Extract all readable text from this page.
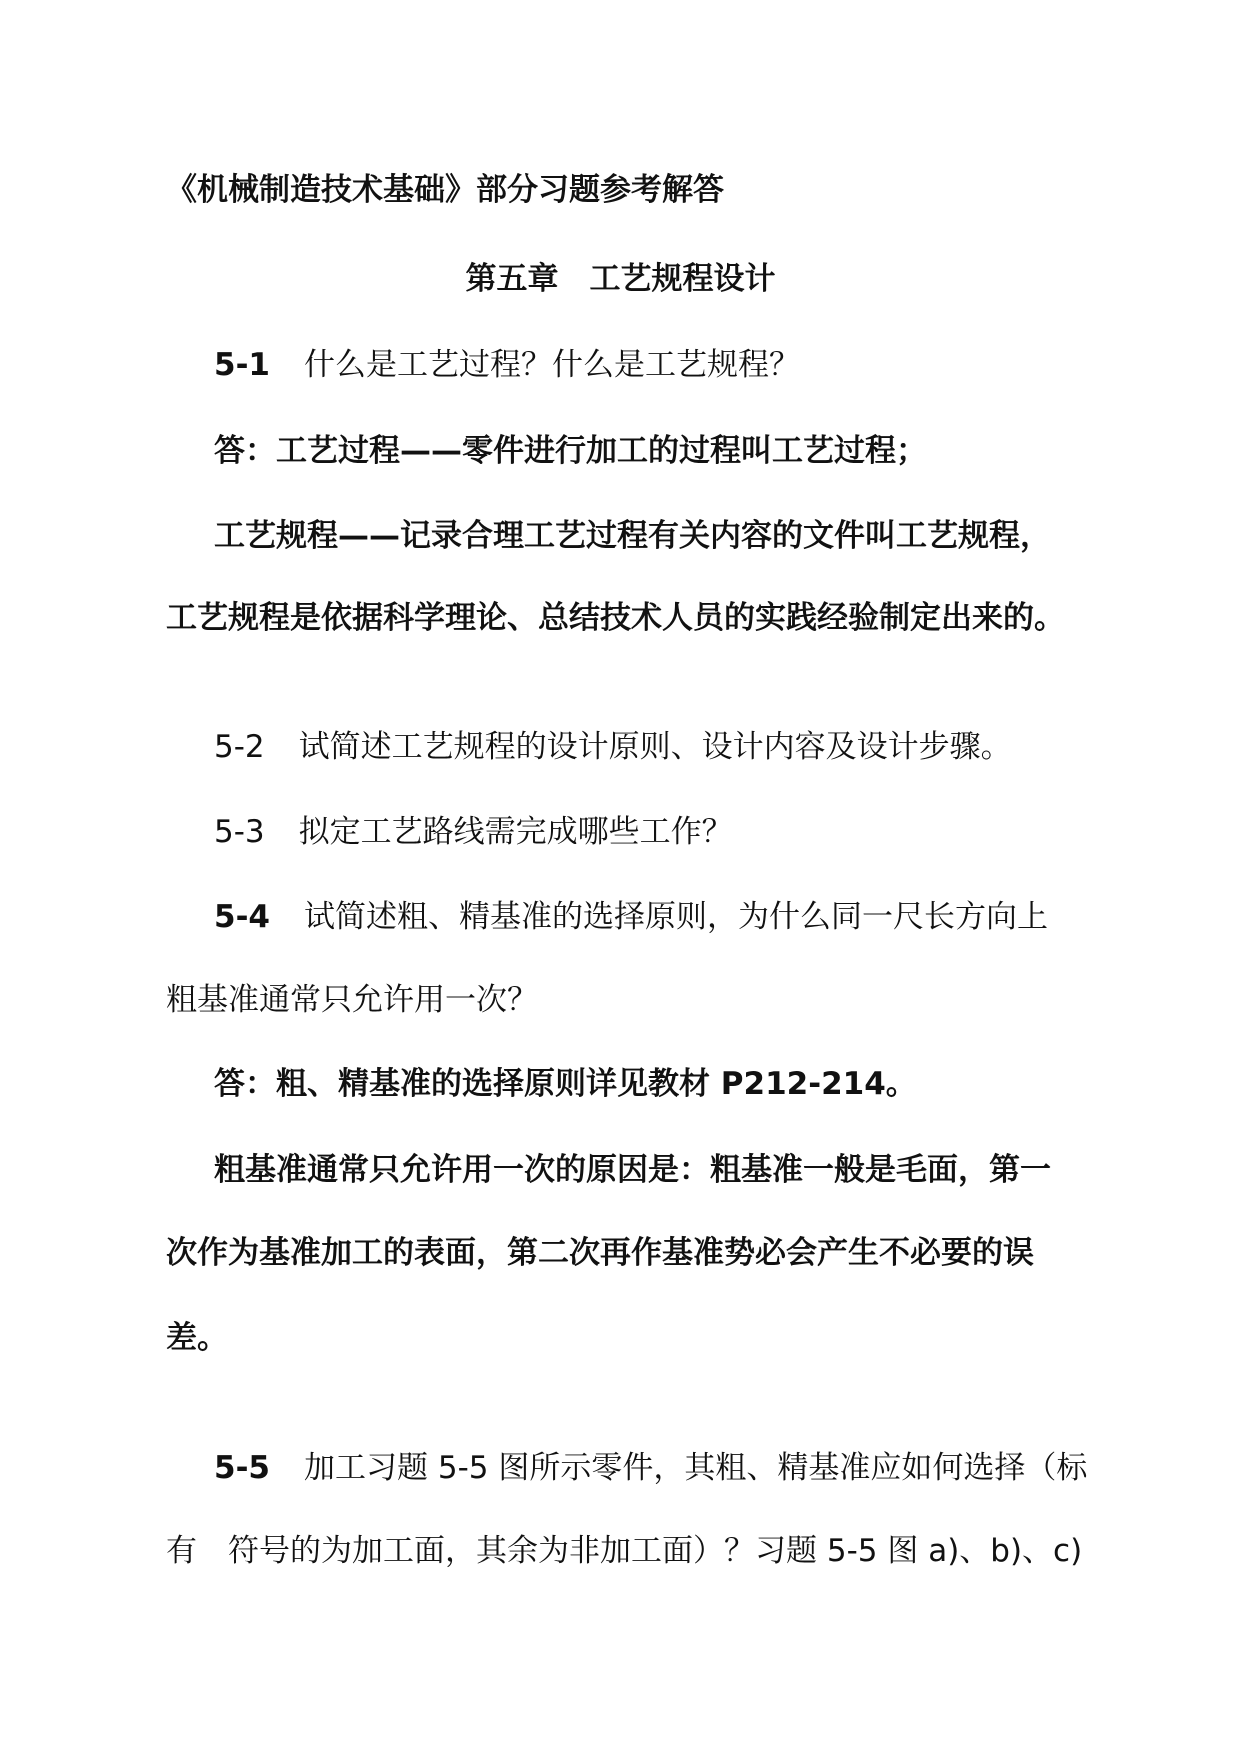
《机械制造技术基础》部分习题参考解答
第五章　工艺规程设计
5-1 什么是工艺过程？什么是工艺规程？
答：工艺过程——零件进行加工的过程叫工艺过程；
工艺规程——记录合理工艺过程有关内容的文件叫工艺规程，
工艺规程是依据科学理论、总结技术人员的实践经验制定出来的。
5-2 试简述工艺规程的设计原则、设计内容及设计步骤。
5-3 拟定工艺路线需完成哪些工作？
5-4 试简述粗、精基准的选择原则，为什么同一尺长方向上
粗基准通常只允许用一次？
答：粗、精基准的选择原则详见教材 P212-214。
粗基准通常只允许用一次的原因是：粗基准一般是毛面，第一
次作为基准加工的表面，第二次再作基准势必会产生不必要的误
差。
5-5 加工习题 5-5 图所示零件，其粗、精基准应如何选择（标
有　符号的为加工面，其余为非加工面）？习题 5-5 图 a)、b)、c)
